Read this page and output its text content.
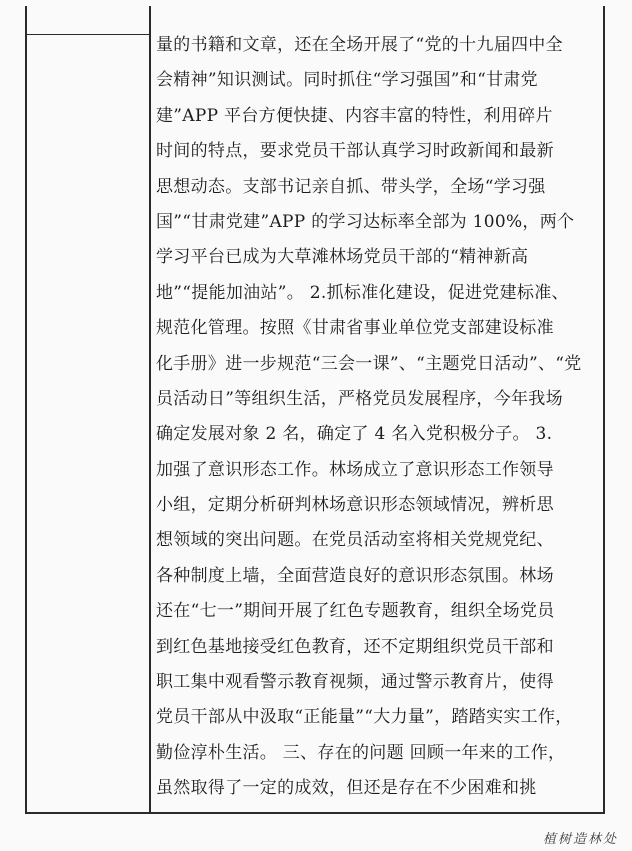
量的书籍和文章，还在全场开展了“党的十九届四中全
会精神”知识测试。同时抓住“学习强国”和“甘肃党
建”APP 平台方便快捷、内容丰富的特性，利用碎片
时间的特点，要求党员干部认真学习时政新闻和最新
思想动态。支部书记亲自抓、带头学，全场“学习强
国”“甘肃党建”APP 的学习达标率全部为 100%，两个
学习平台已成为大草滩林场党员干部的“精神新高
地”“提能加油站”。 2.抓标准化建设，促进党建标准、
规范化管理。按照《甘肃省事业单位党支部建设标准
化手册》进一步规范“三会一课”、“主题党日活动”、“党
员活动日”等组织生活，严格党员发展程序，今年我场
确定发展对象 2 名，确定了 4 名入党积极分子。 3.
加强了意识形态工作。林场成立了意识形态工作领导
小组，定期分析研判林场意识形态领域情况，辨析思
想领域的突出问题。在党员活动室将相关党规党纪、
各种制度上墙，全面营造良好的意识形态氛围。林场
还在“七一”期间开展了红色专题教育，组织全场党员
到红色基地接受红色教育，还不定期组织党员干部和
职工集中观看警示教育视频，通过警示教育片，使得
党员干部从中汲取“正能量”“大力量”，踏踏实实工作，
勤俭淳朴生活。 三、存在的问题 回顾一年来的工作，
虽然取得了一定的成效，但还是存在不少困难和挑
植树造林处
